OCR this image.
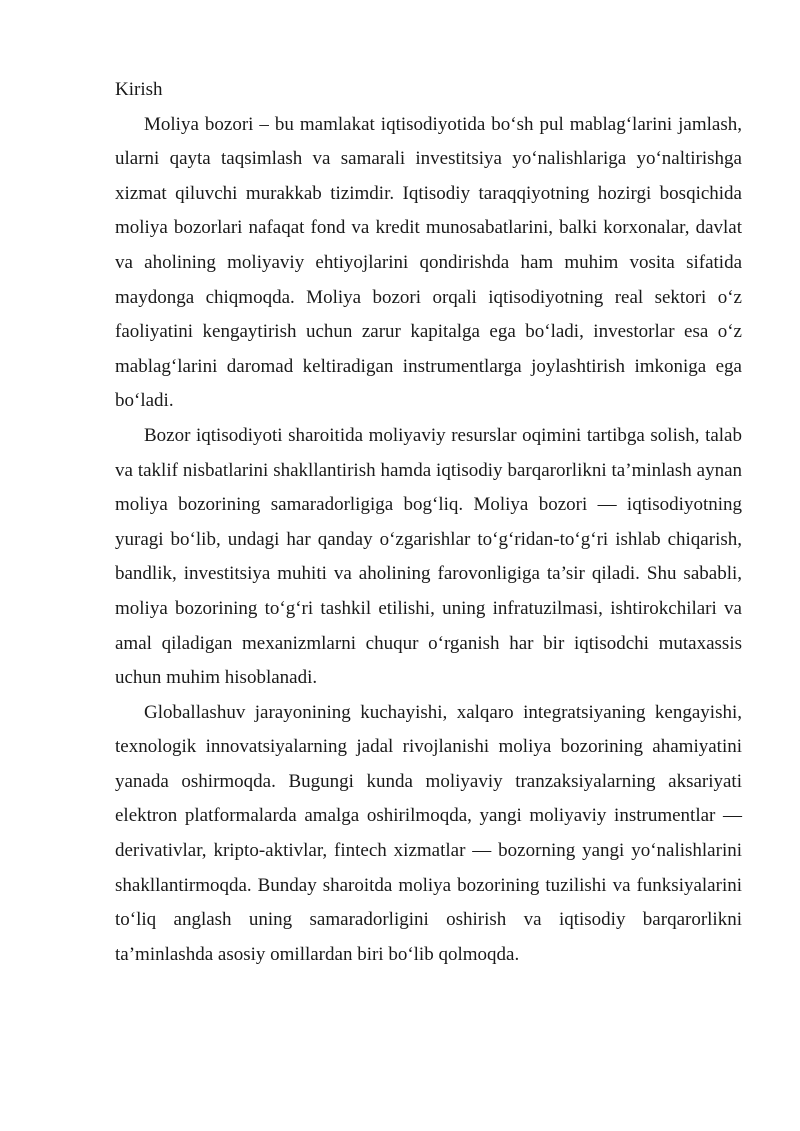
Kirish

Moliya bozori – bu mamlakat iqtisodiyotida bo‘sh pul mablag‘larini jamlash, ularni qayta taqsimlash va samarali investitsiya yo‘nalishlariga yo‘naltirishga xizmat qiluvchi murakkab tizimdir. Iqtisodiy taraqqiyotning hozirgi bosqichida moliya bozorlari nafaqat fond va kredit munosabatlarini, balki korxonalar, davlat va aholining moliyaviy ehtiyojlarini qondirishda ham muhim vosita sifatida maydonga chiqmoqda. Moliya bozori orqali iqtisodiyotning real sektori o‘z faoliyatini kengaytirish uchun zarur kapitalga ega bo‘ladi, investorlar esa o‘z mablag‘larini daromad keltiradigan instrumentlarga joylashtirish imkoniga ega bo‘ladi.

Bozor iqtisodiyoti sharoitida moliyaviy resurslar oqimini tartibga solish, talab va taklif nisbatlarini shakllantirish hamda iqtisodiy barqarorlikni ta’minlash aynan moliya bozorining samaradorligiga bog‘liq. Moliya bozori — iqtisodiyotning yuragi bo‘lib, undagi har qanday o‘zgarishlar to‘g‘ridan-to‘g‘ri ishlab chiqarish, bandlik, investitsiya muhiti va aholining farovonligiga ta’sir qiladi. Shu sababli, moliya bozorining to‘g‘ri tashkil etilishi, uning infratuzilmasi, ishtirokchilari va amal qiladigan mexanizmlarni chuqur o‘rganish har bir iqtisodchi mutaxassis uchun muhim hisoblanadi.

Globallashuv jarayonining kuchayishi, xalqaro integratsiyaning kengayishi, texnologik innovatsiyalarning jadal rivojlanishi moliya bozorining ahamiyatini yanada oshirmoqda. Bugungi kunda moliyaviy tranzaksiyalarning aksariyati elektron platformalarda amalga oshirilmoqda, yangi moliyaviy instrumentlar — derivativlar, kripto-aktivlar, fintech xizmatlar — bozorning yangi yo‘nalishlarini shakllantirmoqda. Bunday sharoitda moliya bozorining tuzilishi va funksiyalarini to‘liq anglash uning samaradorligini oshirish va iqtisodiy barqarorlikni ta’minlashda asosiy omillardan biri bo‘lib qolmoqda.
